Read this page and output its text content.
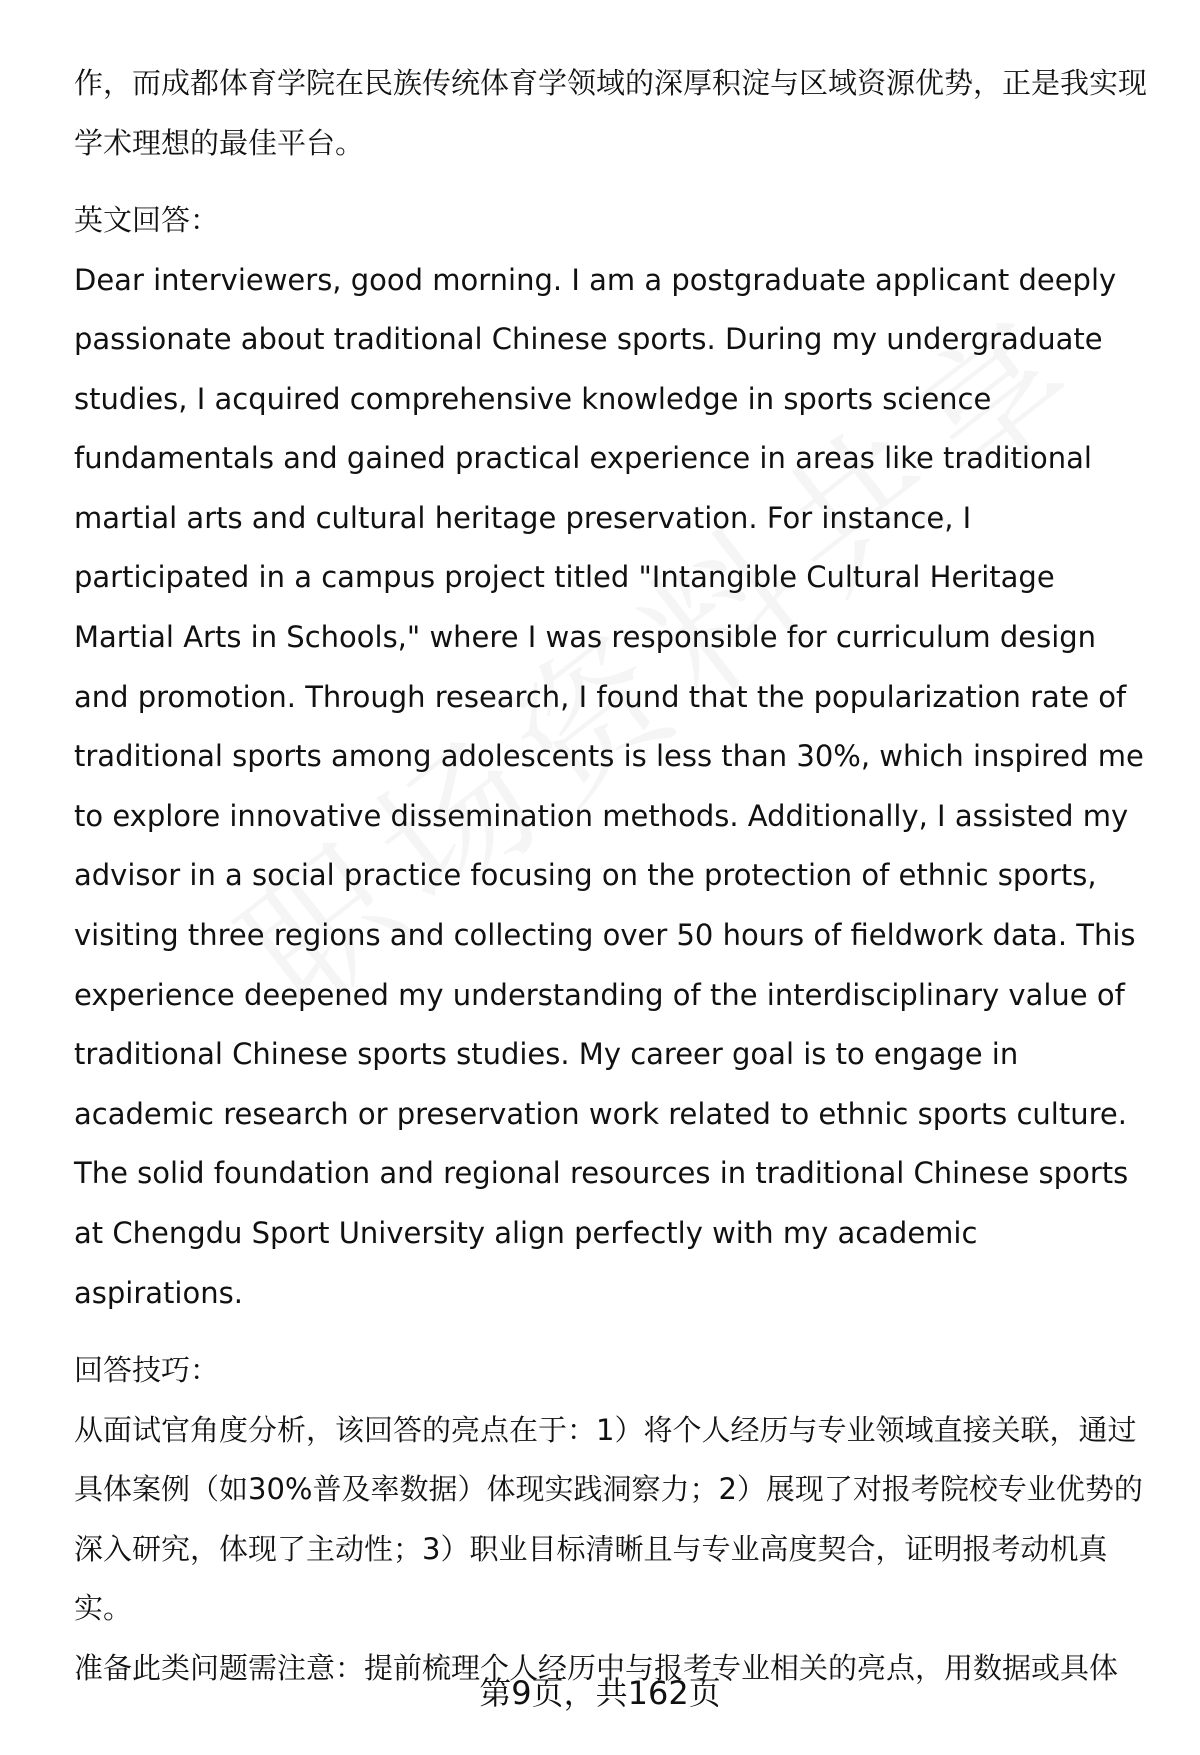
作，而成都体育学院在民族传统体育学领域的深厚积淀与区域资源优势，正是我实现学术理想的最佳平台。

英文回答：

Dear interviewers, good morning. I am a postgraduate applicant deeply passionate about traditional Chinese sports. During my undergraduate studies, I acquired comprehensive knowledge in sports science fundamentals and gained practical experience in areas like traditional martial arts and cultural heritage preservation. For instance, I participated in a campus project titled "Intangible Cultural Heritage Martial Arts in Schools," where I was responsible for curriculum design and promotion. Through research, I found that the popularization rate of traditional sports among adolescents is less than 30%, which inspired me to explore innovative dissemination methods. Additionally, I assisted my advisor in a social practice focusing on the protection of ethnic sports, visiting three regions and collecting over 50 hours of fieldwork data. This experience deepened my understanding of the interdisciplinary value of traditional Chinese sports studies. My career goal is to engage in academic research or preservation work related to ethnic sports culture. The solid foundation and regional resources in traditional Chinese sports at Chengdu Sport University align perfectly with my academic aspirations.

回答技巧：

从面试官角度分析，该回答的亮点在于：1）将个人经历与专业领域直接关联，通过具体案例（如30%普及率数据）体现实践洞察力；2）展现了对报考院校专业优势的深入研究，体现了主动性；3）职业目标清晰且与专业高度契合，证明报考动机真实。

准备此类问题需注意：提前梳理个人经历中与报考专业相关的亮点，用数据或具体

第9页，共162页
